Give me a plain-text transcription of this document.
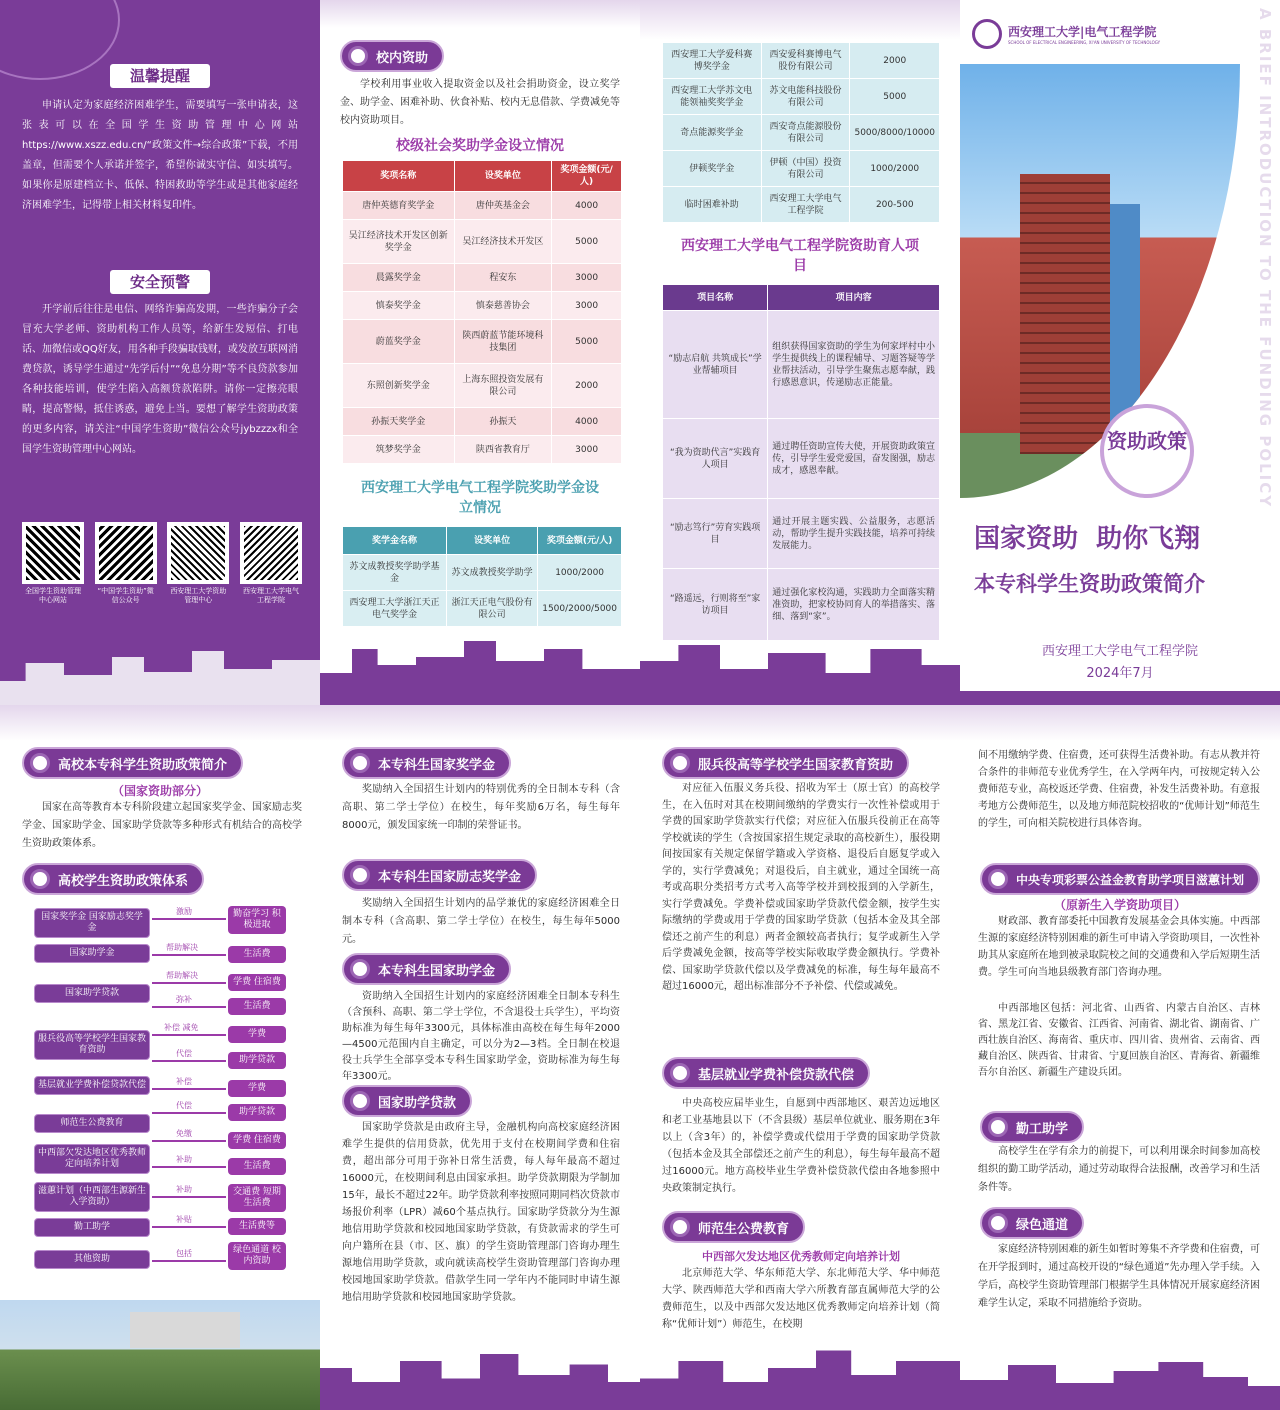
温馨提醒

申请认定为家庭经济困难学生，需要填写一张申请表，这张表可以在全国学生资助管理中心网站https://www.xszz.edu.cn/“政策文件→综合政策”下载，不用盖章，但需要个人承诺并签字，希望你诚实守信、如实填写。如果你是原建档立卡、低保、特困救助等学生或是其他家庭经济困难学生，记得带上相关材料复印件。

安全预警

开学前后往往是电信、网络诈骗高发期，一些诈骗分子会冒充大学老师、资助机构工作人员等，给新生发短信、打电话、加微信或QQ好友，用各种手段骗取钱财，或发放互联网消费贷款，诱导学生通过“先学后付”“免息分期”等不良贷款参加各种技能培训，使学生陷入高额贷款陷阱。请你一定擦亮眼睛，提高警惕，抵住诱惑，避免上当。要想了解学生资助政策的更多内容，请关注“中国学生资助”微信公众号jybzzzx和全国学生资助管理中心网站。

全国学生资助管理中心网站
“中国学生资助”微信公众号
西安理工大学资助管理中心
西安理工大学电气工程学院
校内资助

学校利用事业收入提取资金以及社会捐助资金，设立奖学金、助学金、困难补助、伙食补贴、校内无息借款、学费减免等校内资助项目。

校级社会奖助学金设立情况
奖项名称	设奖单位	奖项金额(元/人)
唐仲英德育奖学金	唐仲英基金会	4000
吴江经济技术开发区创新奖学金	吴江经济技术开发区	5000
晨露奖学金	程安东	3000
慎泰奖学金	慎泰慈善协会	3000
蔚蓝奖学金	陕西蔚蓝节能环境科技集团	5000
东照创新奖学金	上海东照投资发展有限公司	2000
孙振天奖学金	孙振天	4000
筑梦奖学金	陕西省教育厅	3000
西安理工大学电气工程学院奖助学金设立情况
奖学金名称	设奖单位	奖项金额(元/人)
苏文成教授奖学助学基金	苏文成教授奖学助学	1000/2000
西安理工大学浙江天正电气奖学金	浙江天正电气股份有限公司	1500/2000/5000
西安理工大学爱科赛博奖学金	西安爱科赛博电气股份有限公司	2000
西安理工大学苏文电能领袖奖奖学金	苏文电能科技股份有限公司	5000
奇点能源奖学金	西安奇点能源股份有限公司	5000/8000/10000
伊顿奖学金	伊顿（中国）投资有限公司	1000/2000
临时困难补助	西安理工大学电气工程学院	200-500
西安理工大学电气工程学院资助育人项目
项目名称	项目内容
“励志启航 共筑成长”学业帮辅项目	组织获得国家资助的学生为何家坪村中小学生提供线上的课程辅导、习题答疑等学业帮扶活动，引导学生聚焦志愿奉献，践行感恩意识，传递励志正能量。
“我为资助代言”实践育人项目	通过聘任资助宣传大使，开展资助政策宣传，引导学生爱党爱国，奋发图强，励志成才，感恩奉献。
“励志笃行”劳育实践项目	通过开展主题实践、公益服务，志愿活动，帮助学生提升实践技能，培养可持续发展能力。
“路遥远，行则将至”家访项目	通过强化家校沟通，实践助力全面落实精准资助，把家校协同育人的举措落实、落细、落到“家”。
西安理工大学|电气工程学院
SCHOOL OF ELECTRICAL ENGINEERING, XI'AN UNIVERSITY OF TECHNOLOGY
资助政策	A BRIEF INTRODUCTION TO THE FUNDING POLICY
国家资助  助你飞翔
本专科学生资助政策简介
西安理工大学电气工程学院
2024年7月
高校本专科学生资助政策简介
（国家资助部分）

国家在高等教育本专科阶段建立起国家奖学金、国家励志奖学金、国家助学金、国家助学贷款等多种形式有机结合的高校学生资助政策体系。

高校学生资助政策体系
国家奖学金 国家励志奖学金
国家助学金
国家助学贷款
服兵役高等学校学生国家教育资助
基层就业学费补偿贷款代偿
师范生公费教育
中西部欠发达地区优秀教师定向培养计划
滋蕙计划（中西部生源新生入学资助）
勤工助学
其他资助
激励
帮助解决
帮助解决
弥补
补偿 减免
代偿
补偿
代偿
免缴
补助
补助
补贴
包括
勤奋学习 积极进取
生活费
学费 住宿费
生活费
学费
助学贷款
学费
助学贷款
学费 住宿费
生活费
交通费 短期生活费
生活费等
绿色通道 校内资助
本专科生国家奖学金

奖励纳入全国招生计划内的特别优秀的全日制本专科（含高职、第二学士学位）在校生，每年奖励6万名，每生每年8000元，颁发国家统一印制的荣誉证书。

本专科生国家励志奖学金

奖励纳入全国招生计划内的品学兼优的家庭经济困难全日制本专科（含高职、第二学士学位）在校生，每生每年5000元。

本专科生国家助学金

资助纳入全国招生计划内的家庭经济困难全日制本专科生（含预科、高职、第二学士学位，不含退役士兵学生），平均资助标准为每生每年3300元，具体标准由高校在每生每年2000—4500元范围内自主确定，可以分为2—3档。全日制在校退役士兵学生全部享受本专科生国家助学金，资助标准为每生每年3300元。

国家助学贷款

国家助学贷款是由政府主导，金融机构向高校家庭经济困难学生提供的信用贷款，优先用于支付在校期间学费和住宿费，超出部分可用于弥补日常生活费，每人每年最高不超过16000元，在校期间利息由国家承担。助学贷款期限为学制加15年，最长不超过22年。助学贷款利率按照同期同档次贷款市场报价利率（LPR）减60个基点执行。国家助学贷款分为生源地信用助学贷款和校园地国家助学贷款，有贷款需求的学生可向户籍所在县（市、区、旗）的学生资助管理部门咨询办理生源地信用助学贷款，或向就读高校学生资助管理部门咨询办理校园地国家助学贷款。借款学生同一学年内不能同时申请生源地信用助学贷款和校园地国家助学贷款。

服兵役高等学校学生国家教育资助

对应征入伍服义务兵役、招收为军士（原士官）的高校学生，在入伍时对其在校期间缴纳的学费实行一次性补偿或用于学费的国家助学贷款实行代偿；对应征入伍服兵役前正在高等学校就读的学生（含按国家招生规定录取的高校新生），服役期间按国家有关规定保留学籍或入学资格、退役后自愿复学或入学的，实行学费减免；对退役后，自主就业，通过全国统一高考或高职分类招考方式考入高等学校并到校报到的入学新生，实行学费减免。学费补偿或国家助学贷款代偿金额，按学生实际缴纳的学费或用于学费的国家助学贷款（包括本金及其全部偿还之前产生的利息）两者金额较高者执行；复学或新生入学后学费减免金额，按高等学校实际收取学费金额执行。学费补偿、国家助学贷款代偿以及学费减免的标准，每生每年最高不超过16000元，超出标准部分不予补偿、代偿或减免。

基层就业学费补偿贷款代偿

中央高校应届毕业生，自愿到中西部地区、艰苦边远地区和老工业基地县以下（不含县级）基层单位就业、服务期在3年以上（含3年）的，补偿学费或代偿用于学费的国家助学贷款（包括本金及其全部偿还之前产生的利息），每生每年最高不超过16000元。地方高校毕业生学费补偿贷款代偿由各地参照中央政策制定执行。

师范生公费教育
中西部欠发达地区优秀教师定向培养计划

北京师范大学、华东师范大学、东北师范大学、华中师范大学、陕西师范大学和西南大学六所教育部直属师范大学的公费师范生，以及中西部欠发达地区优秀教师定向培养计划（简称“优师计划”）师范生，在校期

间不用缴纳学费、住宿费，还可获得生活费补助。有志从教并符合条件的非师范专业优秀学生，在入学两年内，可按规定转入公费师范专业，高校返还学费、住宿费，补发生活费补助。有意报考地方公费师范生，以及地方师范院校招收的“优师计划”师范生的学生，可向相关院校进行具体咨询。

中央专项彩票公益金教育助学项目滋蕙计划
（原新生入学资助项目）

财政部、教育部委托中国教育发展基金会具体实施。中西部生源的家庭经济特别困难的新生可申请入学资助项目，一次性补助其从家庭所在地到被录取院校之间的交通费和入学后短期生活费。学生可向当地县级教育部门咨询办理。

中西部地区包括：河北省、山西省、内蒙古自治区、吉林省、黑龙江省、安徽省、江西省、河南省、湖北省、湖南省、广西壮族自治区、海南省、重庆市、四川省、贵州省、云南省、西藏自治区、陕西省、甘肃省、宁夏回族自治区、青海省、新疆维吾尔自治区、新疆生产建设兵团。

勤工助学

高校学生在学有余力的前提下，可以利用课余时间参加高校组织的勤工助学活动，通过劳动取得合法报酬，改善学习和生活条件等。

绿色通道

家庭经济特别困难的新生如暂时筹集不齐学费和住宿费，可在开学报到时，通过高校开设的“绿色通道”先办理入学手续。入学后，高校学生资助管理部门根据学生具体情况开展家庭经济困难学生认定，采取不同措施给予资助。
